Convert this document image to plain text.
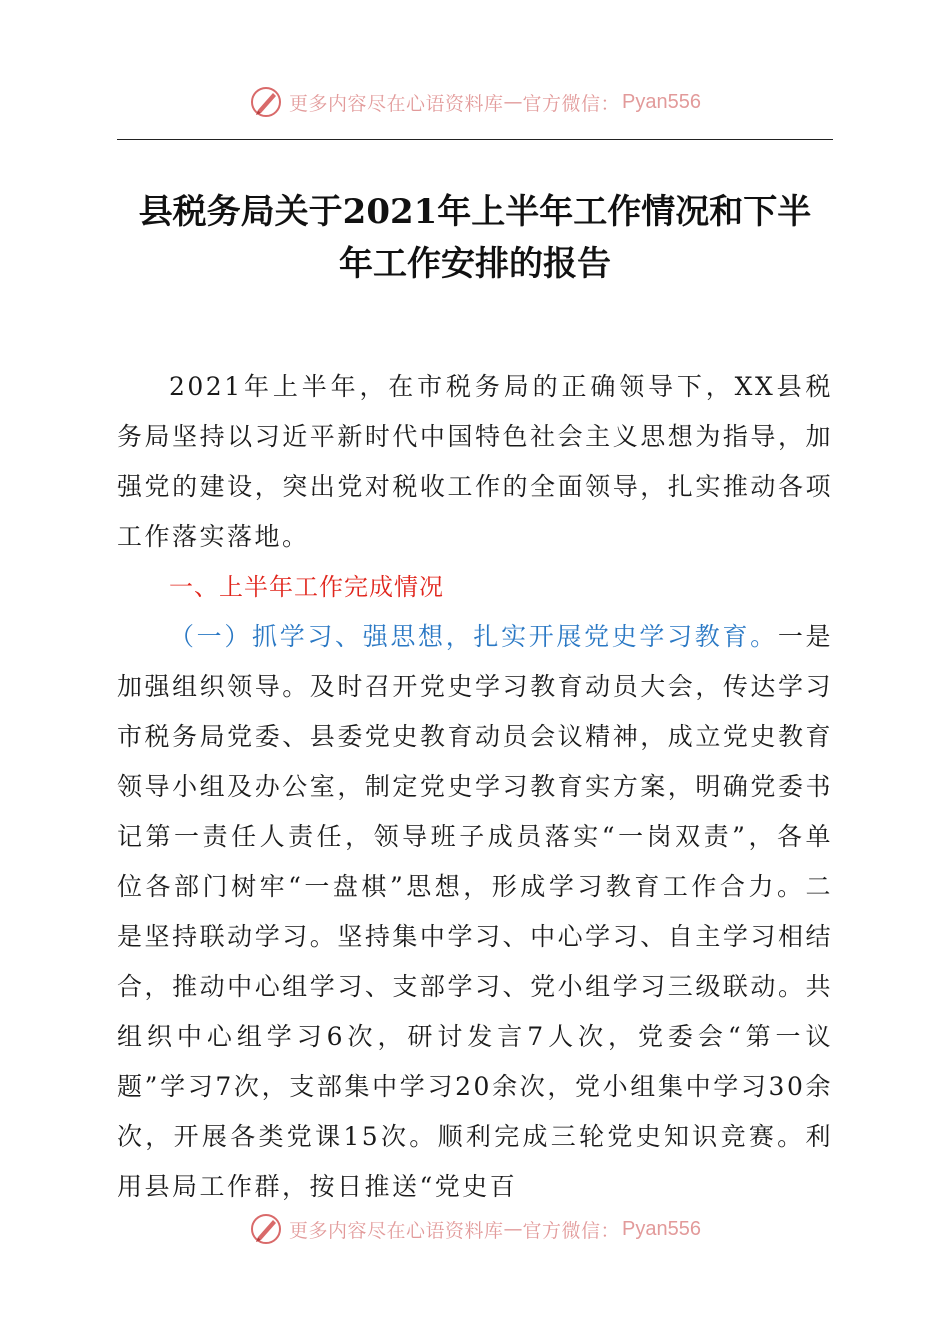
更多内容尽在心语资料库 — 官方微信： Pyan556
县税务局关于2021年上半年工作情况和下半
年工作安排的报告

2021年上半年，在市税务局的正确领导下，XX县税务局坚持以习近平新时代中国特色社会主义思想为指导，加强党的建设，突出党对税收工作的全面领导，扎实推动各项工作落实落地。

一、上半年工作完成情况

（一）抓学习、强思想，扎实开展党史学习教育。一是加强组织领导。及时召开党史学习教育动员大会，传达学习市税务局党委、县委党史教育动员会议精神，成立党史教育领导小组及办公室，制定党史学习教育实方案，明确党委书记第一责任人责任，领导班子成员落实“一岗双责”，各单位各部门树牢“一盘棋”思想，形成学习教育工作合力。二是坚持联动学习。坚持集中学习、中心学习、自主学习相结合，推动中心组学习、支部学习、党小组学习三级联动。共组织中心组学习6次，研讨发言7人次，党委会“第一议题”学习7次，支部集中学习20余次，党小组集中学习30余次，开展各类党课15次。顺利完成三轮党史知识竞赛。利用县局工作群，按日推送“党史百

更多内容尽在心语资料库 — 官方微信： Pyan556
